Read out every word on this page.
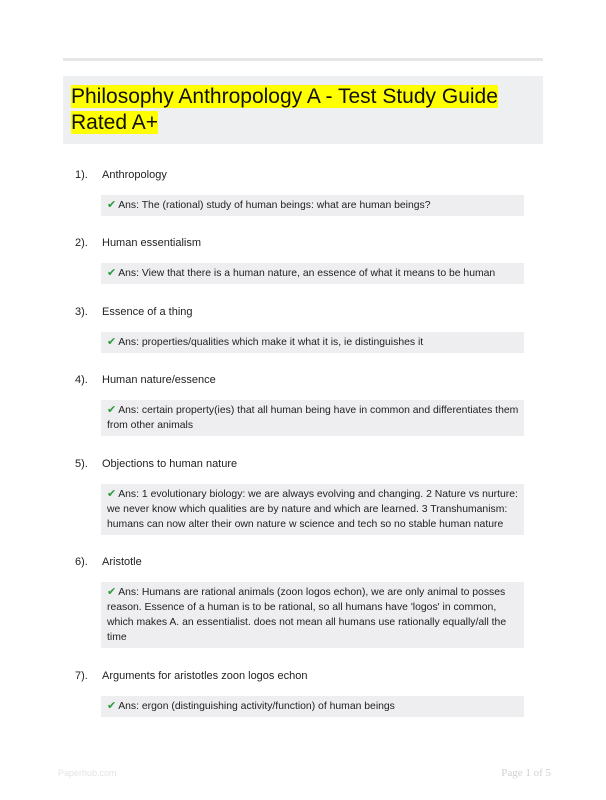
Philosophy Anthropology A - Test Study Guide Rated A+
1). Anthropology
✔ Ans: The (rational) study of human beings: what are human beings?
2). Human essentialism
✔ Ans: View that there is a human nature, an essence of what it means to be human
3). Essence of a thing
✔ Ans: properties/qualities which make it what it is, ie distinguishes it
4). Human nature/essence
✔ Ans: certain property(ies) that all human being have in common and differentiates them from other animals
5). Objections to human nature
✔ Ans: 1 evolutionary biology: we are always evolving and changing. 2 Nature vs nurture: we never know which qualities are by nature and which are learned. 3 Transhumanism: humans can now alter their own nature w science and tech so no stable human nature
6). Aristotle
✔ Ans: Humans are rational animals (zoon logos echon), we are only animal to posses reason. Essence of a human is to be rational, so all humans have 'logos' in common, which makes A. an essentialist. does not mean all humans use rationally equally/all the time
7). Arguments for aristotles zoon logos echon
✔ Ans: ergon (distinguishing activity/function) of human beings
Paperhub.com	Page 1 of 5
